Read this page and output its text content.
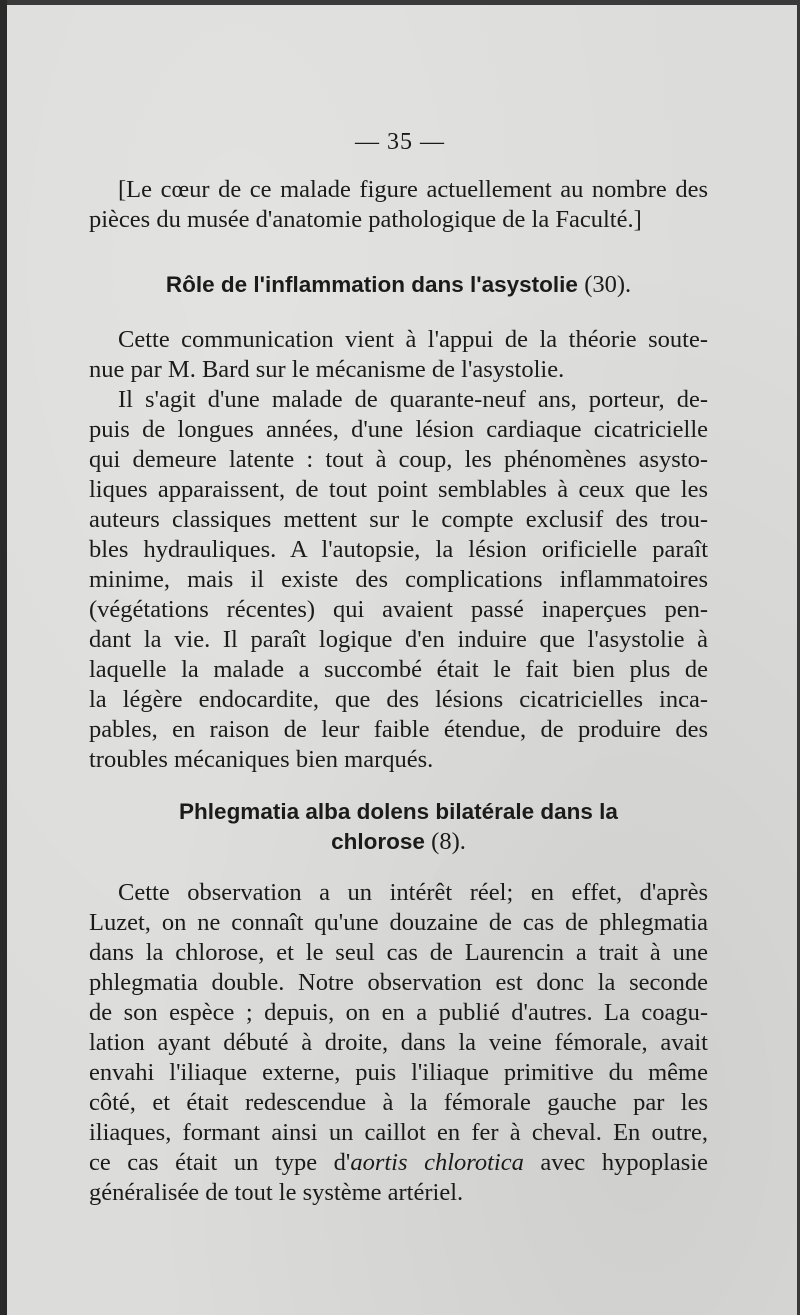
— 35 —
[Le cœur de ce malade figure actuellement au nombre des
pièces du musée d'anatomie pathologique de la Faculté.]
Rôle de l'inflammation dans l'asystolie (30).
Cette communication vient à l'appui de la théorie soute-
nue par M. Bard sur le mécanisme de l'asystolie.
Il s'agit d'une malade de quarante-neuf ans, porteur, de-
puis de longues années, d'une lésion cardiaque cicatricielle
qui demeure latente : tout à coup, les phénomènes asysto-
liques apparaissent, de tout point semblables à ceux que les
auteurs classiques mettent sur le compte exclusif des trou-
bles hydrauliques. A l'autopsie, la lésion orificielle paraît
minime, mais il existe des complications inflammatoires
(végétations récentes) qui avaient passé inaperçues pen-
dant la vie. Il paraît logique d'en induire que l'asystolie à
laquelle la malade a succombé était le fait bien plus de
la légère endocardite, que des lésions cicatricielles inca-
pables, en raison de leur faible étendue, de produire des
troubles mécaniques bien marqués.
Phlegmatia alba dolens bilatérale dans la
chlorose (8).
Cette observation a un intérêt réel; en effet, d'après
Luzet, on ne connaît qu'une douzaine de cas de phlegmatia
dans la chlorose, et le seul cas de Laurencin a trait à une
phlegmatia double. Notre observation est donc la seconde
de son espèce ; depuis, on en a publié d'autres. La coagu-
lation ayant débuté à droite, dans la veine fémorale, avait
envahi l'iliaque externe, puis l'iliaque primitive du même
côté, et était redescendue à la fémorale gauche par les
iliaques, formant ainsi un caillot en fer à cheval. En outre,
ce cas était un type d'aortis chlorotica avec hypoplasie
généralisée de tout le système artériel.
